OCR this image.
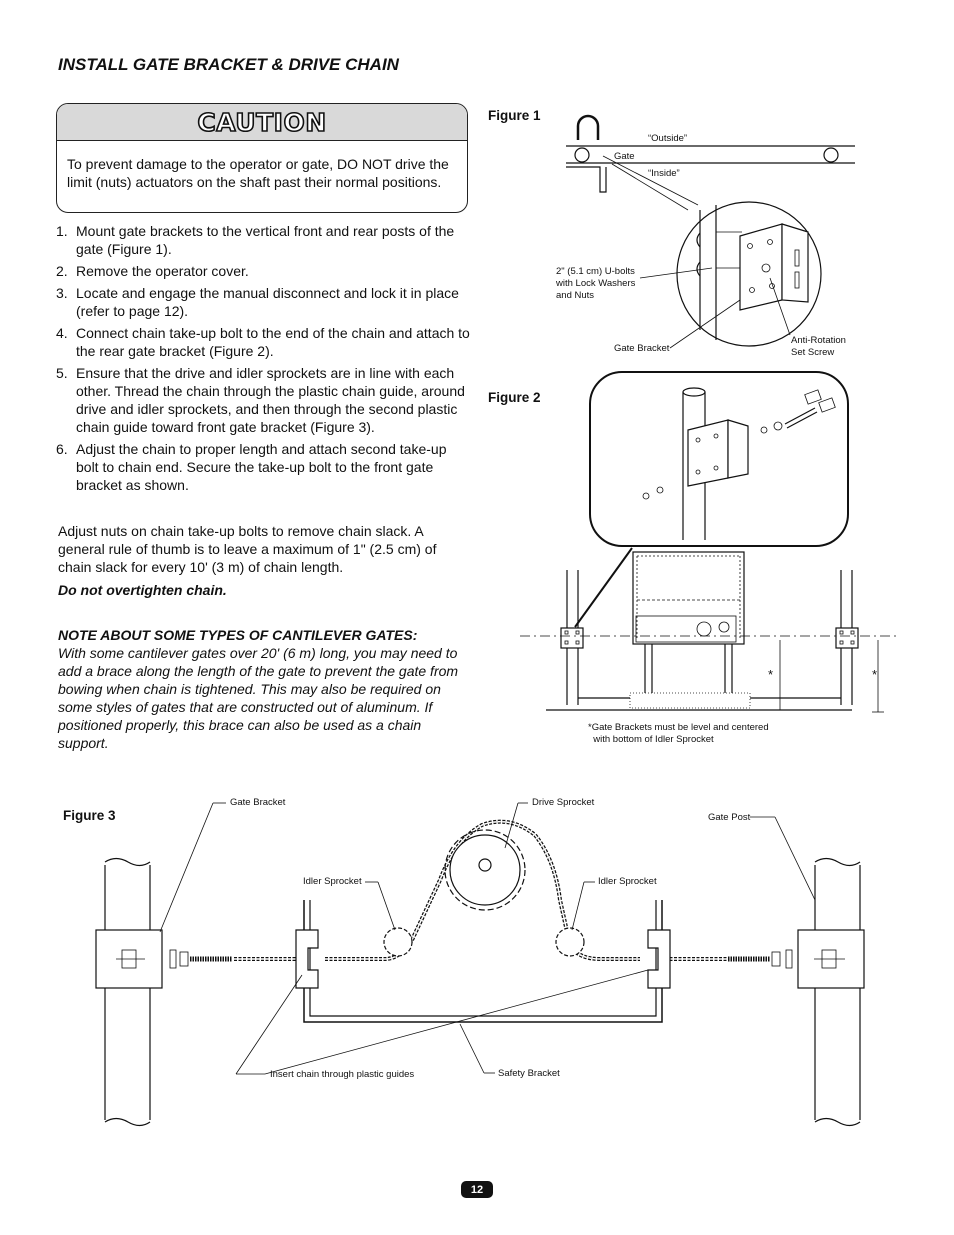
INSTALL GATE BRACKET & DRIVE CHAIN
CAUTION
To prevent damage to the operator or gate, DO NOT drive the limit (nuts) actuators on the shaft past their normal positions.
1. Mount gate brackets to the vertical front and rear posts of the gate (Figure 1).
2. Remove the operator cover.
3. Locate and engage the manual disconnect and lock it in place (refer to page 12).
4. Connect chain take-up bolt to the end of the chain and attach to the rear gate bracket (Figure 2).
5. Ensure that the drive and idler sprockets are in line with each other. Thread the chain through the plastic chain guide, around drive and idler sprockets, and then through the second plastic chain guide toward front gate bracket (Figure 3).
6. Adjust the chain to proper length and attach second take-up bolt to chain end. Secure the take-up bolt to the front gate bracket as shown.
Adjust nuts on chain take-up bolts to remove chain slack. A general rule of thumb is to leave a maximum of 1" (2.5 cm) of chain slack for every 10' (3 m) of chain length.
Do not overtighten chain.
NOTE ABOUT SOME TYPES OF CANTILEVER GATES:
With some cantilever gates over 20' (6 m) long, you may need to add a brace along the length of the gate to prevent the gate from bowing when chain is tightened. This may also be required on some styles of gates that are constructed out of aluminum. If positioned properly, this brace can also be used as a chain support.
Figure 1
“Outside”
Gate
“Inside”
2" (5.1 cm) U-bolts
with Lock Washers
and Nuts
Gate Bracket
Anti-Rotation
Set Screw
Figure 2
*	*
*Gate Brackets must be level and centered
with bottom of Idler Sprocket
Figure 3
Gate Bracket	Drive Sprocket
Gate Post
Idler Sprocket	Idler Sprocket
Insert chain through plastic guides	Safety Bracket
12
